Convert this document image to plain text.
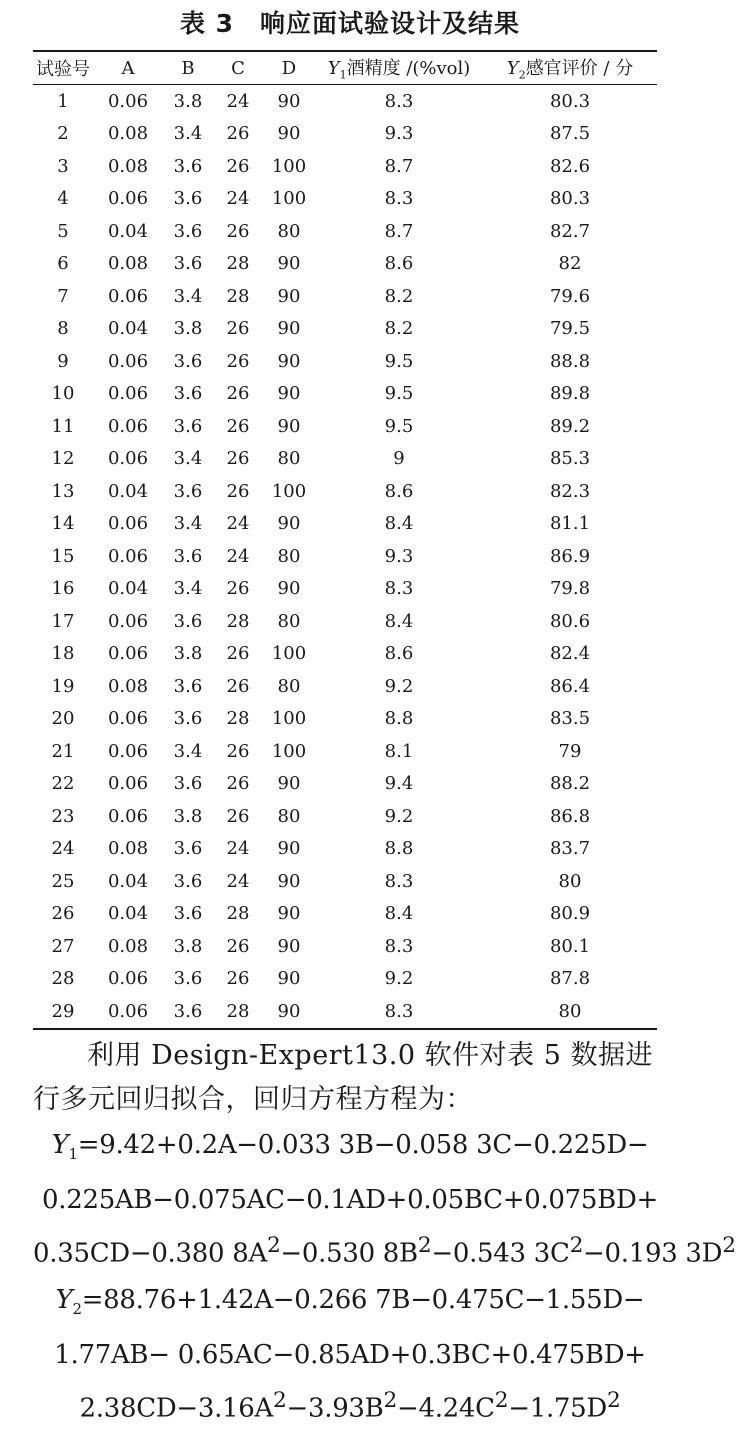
表 3　响应面试验设计及结果
试验号	A	B	C	D	$Y_1$酒精度 /(%vol)	$Y_2$感官评价 / 分
1	0.06	3.8	24	90	8.3	80.3
2	0.08	3.4	26	90	9.3	87.5
3	0.08	3.6	26	100	8.7	82.6
4	0.06	3.6	24	100	8.3	80.3
5	0.04	3.6	26	80	8.7	82.7
6	0.08	3.6	28	90	8.6	82
7	0.06	3.4	28	90	8.2	79.6
8	0.04	3.8	26	90	8.2	79.5
9	0.06	3.6	26	90	9.5	88.8
10	0.06	3.6	26	90	9.5	89.8
11	0.06	3.6	26	90	9.5	89.2
12	0.06	3.4	26	80	9	85.3
13	0.04	3.6	26	100	8.6	82.3
14	0.06	3.4	24	90	8.4	81.1
15	0.06	3.6	24	80	9.3	86.9
16	0.04	3.4	26	90	8.3	79.8
17	0.06	3.6	28	80	8.4	80.6
18	0.06	3.8	26	100	8.6	82.4
19	0.08	3.6	26	80	9.2	86.4
20	0.06	3.6	28	100	8.8	83.5
21	0.06	3.4	26	100	8.1	79
22	0.06	3.6	26	90	9.4	88.2
23	0.06	3.8	26	80	9.2	86.8
24	0.08	3.6	24	90	8.8	83.7
25	0.04	3.6	24	90	8.3	80
26	0.04	3.6	28	90	8.4	80.9
27	0.08	3.8	26	90	8.3	80.1
28	0.06	3.6	26	90	9.2	87.8
29	0.06	3.6	28	90	8.3	80

利用 Design-Expert13.0 软件对表 5 数据进行多元回归拟合，回归方程方程为：

$Y_1=9.42+0.2A-0.033$ 3B−0.058 3C−0.225D−

0.225AB−0.075AC−0.1AD+0.05BC+0.075BD+

0.35CD−0.380 $8A^2-0.530$ $8B^2-0.543$ $3C^2-0.193$ $3D^2$

$Y_2=88.76+1.42A-0.266$ 7B−0.475C−1.55D−

1.77AB− 0.65AC−0.85AD+0.3BC+0.475BD+

$2.38CD-3.16A^2-3.93B^2-4.24C^2-1.75D^2$
